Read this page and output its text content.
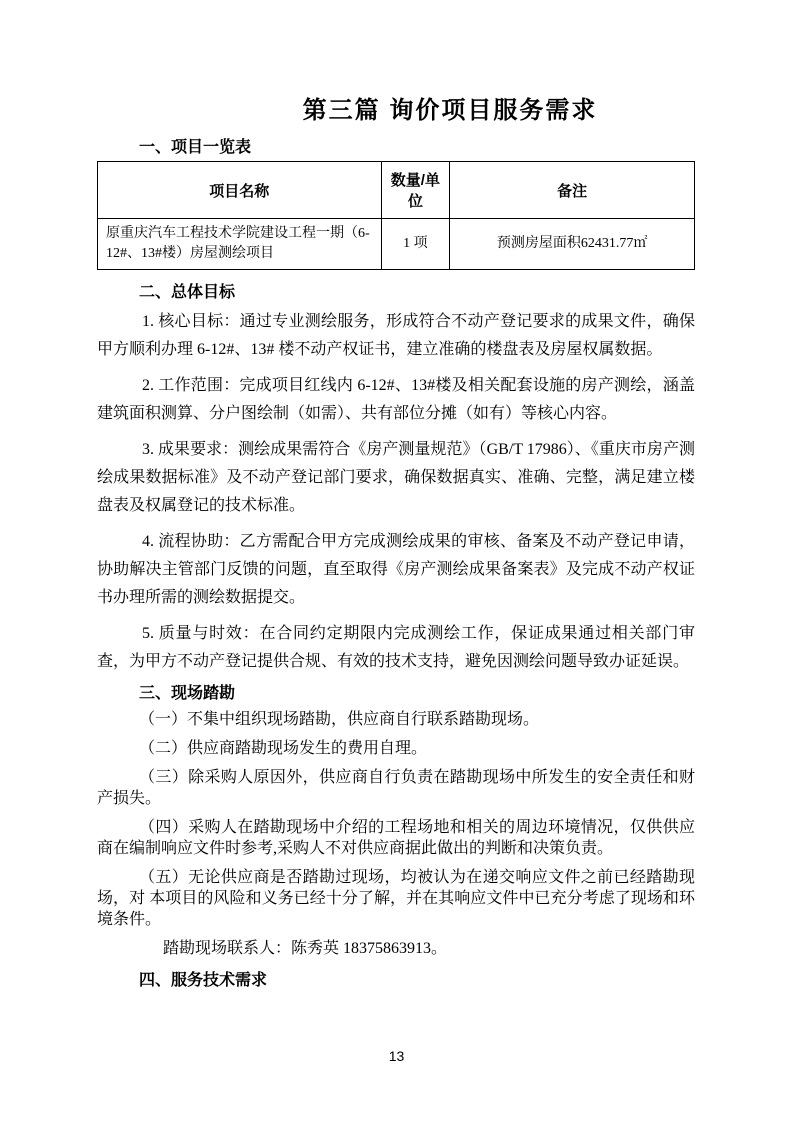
第三篇 询价项目服务需求
一、项目一览表
项目名称	数量/单位	备注
原重庆汽车工程技术学院建设工程一期（6-12#、13#楼）房屋测绘项目	1 项	预测房屋面积62431.77㎡
二、总体目标

1. 核心目标：通过专业测绘服务，形成符合不动产登记要求的成果文件，确保甲方顺利办理 6-12#、13# 楼不动产权证书，建立准确的楼盘表及房屋权属数据。

2. 工作范围：完成项目红线内 6-12#、13#楼及相关配套设施的房产测绘，涵盖建筑面积测算、分户图绘制（如需）、共有部位分摊（如有）等核心内容。

3. 成果要求：测绘成果需符合《房产测量规范》（GB/T 17986）、《重庆市房产测绘成果数据标准》及不动产登记部门要求，确保数据真实、准确、完整，满足建立楼盘表及权属登记的技术标准。

4. 流程协助：乙方需配合甲方完成测绘成果的审核、备案及不动产登记申请，协助解决主管部门反馈的问题，直至取得《房产测绘成果备案表》及完成不动产权证书办理所需的测绘数据提交。

5. 质量与时效：在合同约定期限内完成测绘工作，保证成果通过相关部门审查，为甲方不动产登记提供合规、有效的技术支持，避免因测绘问题导致办证延误。

三、现场踏勘

（一）不集中组织现场踏勘，供应商自行联系踏勘现场。

（二）供应商踏勘现场发生的费用自理。

（三）除采购人原因外，供应商自行负责在踏勘现场中所发生的安全责任和财产损失。

（四）采购人在踏勘现场中介绍的工程场地和相关的周边环境情况，仅供供应商在编制响应文件时参考,采购人不对供应商据此做出的判断和决策负责。

（五）无论供应商是否踏勘过现场，均被认为在递交响应文件之前已经踏勘现场，对 本项目的风险和义务已经十分了解，并在其响应文件中已充分考虑了现场和环境条件。

踏勘现场联系人：陈秀英 18375863913。

四、服务技术需求
13
